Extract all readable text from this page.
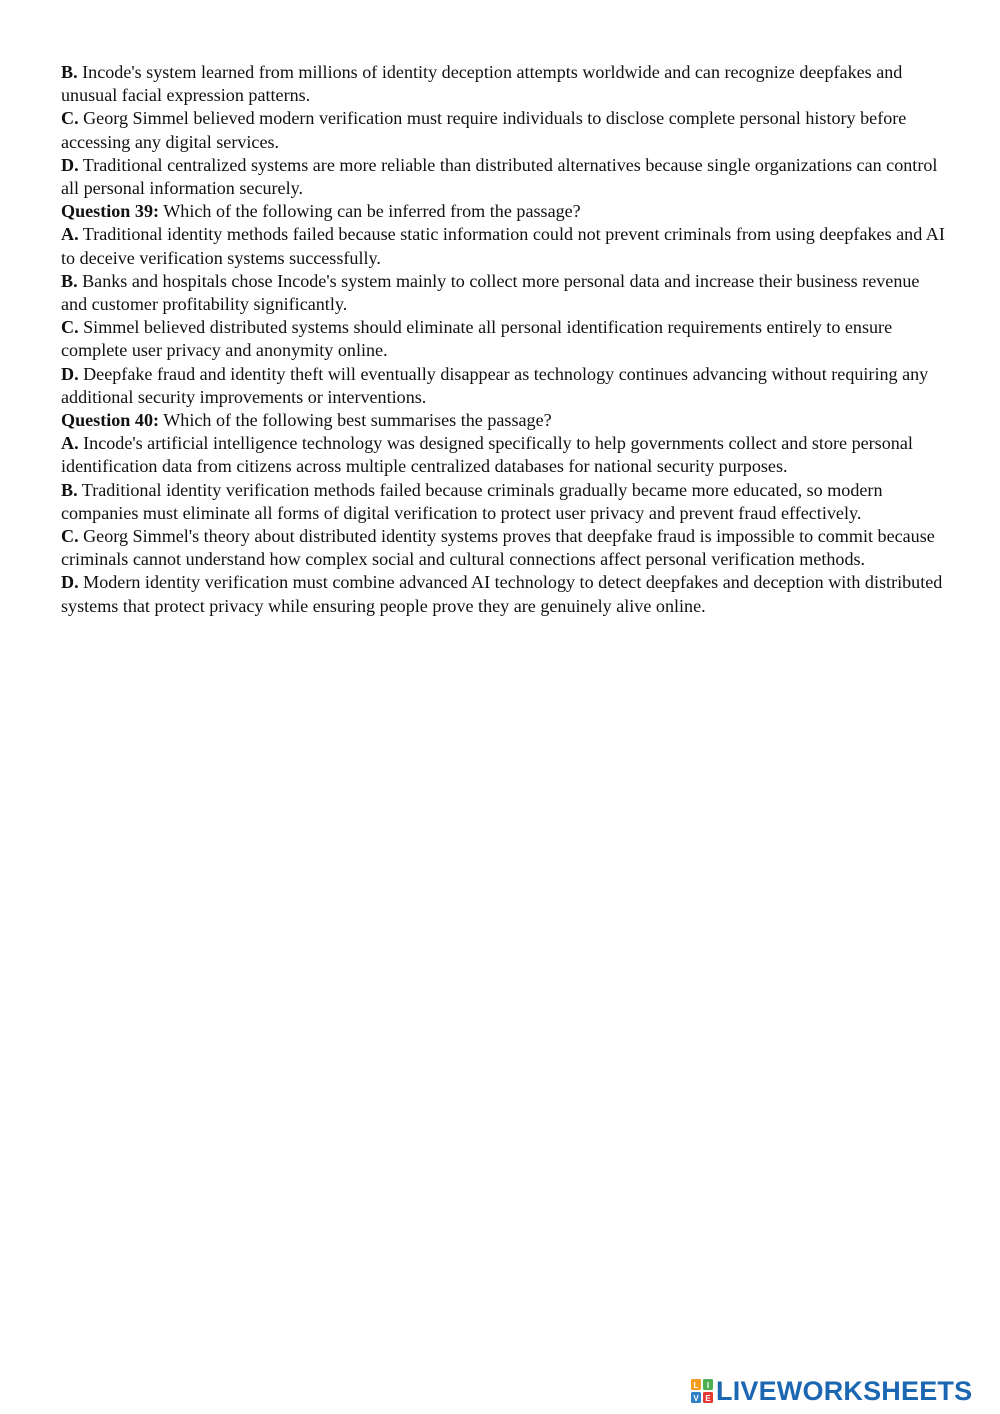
B. Incode's system learned from millions of identity deception attempts worldwide and can recognize deepfakes and unusual facial expression patterns.

C. Georg Simmel believed modern verification must require individuals to disclose complete personal history before accessing any digital services.

D. Traditional centralized systems are more reliable than distributed alternatives because single organizations can control all personal information securely.

Question 39: Which of the following can be inferred from the passage?

A. Traditional identity methods failed because static information could not prevent criminals from using deepfakes and AI to deceive verification systems successfully.

B. Banks and hospitals chose Incode's system mainly to collect more personal data and increase their business revenue and customer profitability significantly.

C. Simmel believed distributed systems should eliminate all personal identification requirements entirely to ensure complete user privacy and anonymity online.

D. Deepfake fraud and identity theft will eventually disappear as technology continues advancing without requiring any additional security improvements or interventions.

Question 40: Which of the following best summarises the passage?

A. Incode's artificial intelligence technology was designed specifically to help governments collect and store personal identification data from citizens across multiple centralized databases for national security purposes.

B. Traditional identity verification methods failed because criminals gradually became more educated, so modern companies must eliminate all forms of digital verification to protect user privacy and prevent fraud effectively.

C. Georg Simmel's theory about distributed identity systems proves that deepfake fraud is impossible to commit because criminals cannot understand how complex social and cultural connections affect personal verification methods.

D. Modern identity verification must combine advanced AI technology to detect deepfakes and deception with distributed systems that protect privacy while ensuring people prove they are genuinely alive online.

L I
V E LIVEWORKSHEETS
